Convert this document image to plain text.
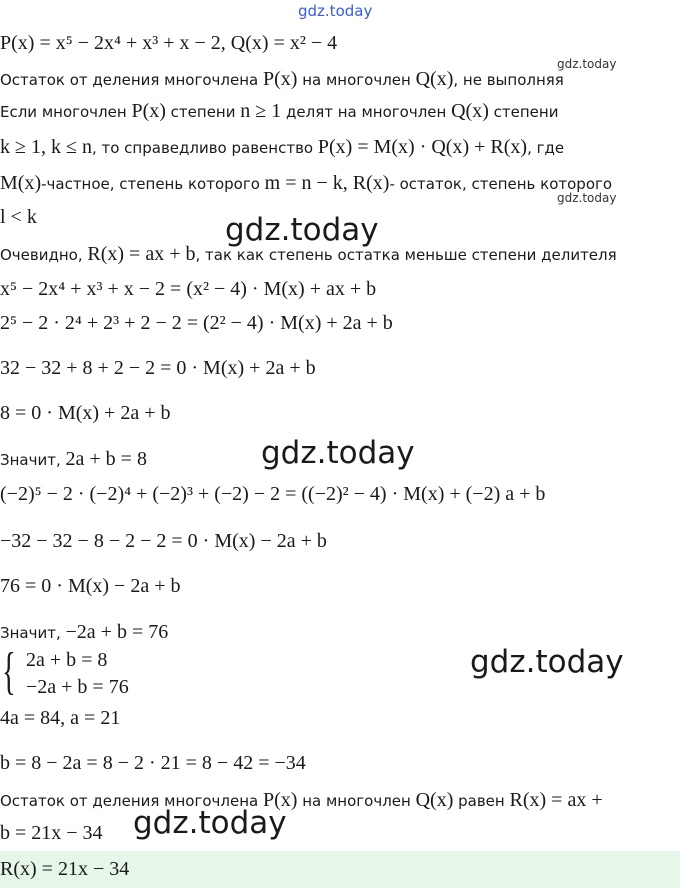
gdz.today
gdz.today
gdz.today
gdz.today
gdz.today
gdz.today
gdz.today
P(x) = x⁵ − 2x⁴ + x³ + x − 2, Q(x) = x² − 4
Остаток от деления многочлена P(x) на многочлен Q(x), не выполняя
Если многочлен P(x) степени n ≥ 1 делят на многочлен Q(x) степени
k ≥ 1, k ≤ n, то справедливо равенство P(x) = M(x) · Q(x) + R(x), где
M(x)-частное, степень которого m = n − k, R(x)- остаток, степень которого
l < k
Очевидно, R(x) = ax + b, так как степень остатка меньше степени делителя
x⁵ − 2x⁴ + x³ + x − 2 = (x² − 4) · M(x) + ax + b
2⁵ − 2 · 2⁴ + 2³ + 2 − 2 = (2² − 4) · M(x) + 2a + b
32 − 32 + 8 + 2 − 2 = 0 · M(x) + 2a + b
8 = 0 · M(x) + 2a + b
Значит, 2a + b = 8
(−2)⁵ − 2 · (−2)⁴ + (−2)³ + (−2) − 2 = ((−2)² − 4) · M(x) + (−2) a + b
−32 − 32 − 8 − 2 − 2 = 0 · M(x) − 2a + b
76 = 0 · M(x) − 2a + b
Значит, −2a + b = 76
{ 2a + b = 8
−2a + b = 76
4a = 84, a = 21
b = 8 − 2a = 8 − 2 · 21 = 8 − 42 = −34
Остаток от деления многочлена P(x) на многочлен Q(x) равен R(x) = ax +
b = 21x − 34
R(x) = 21x − 34
